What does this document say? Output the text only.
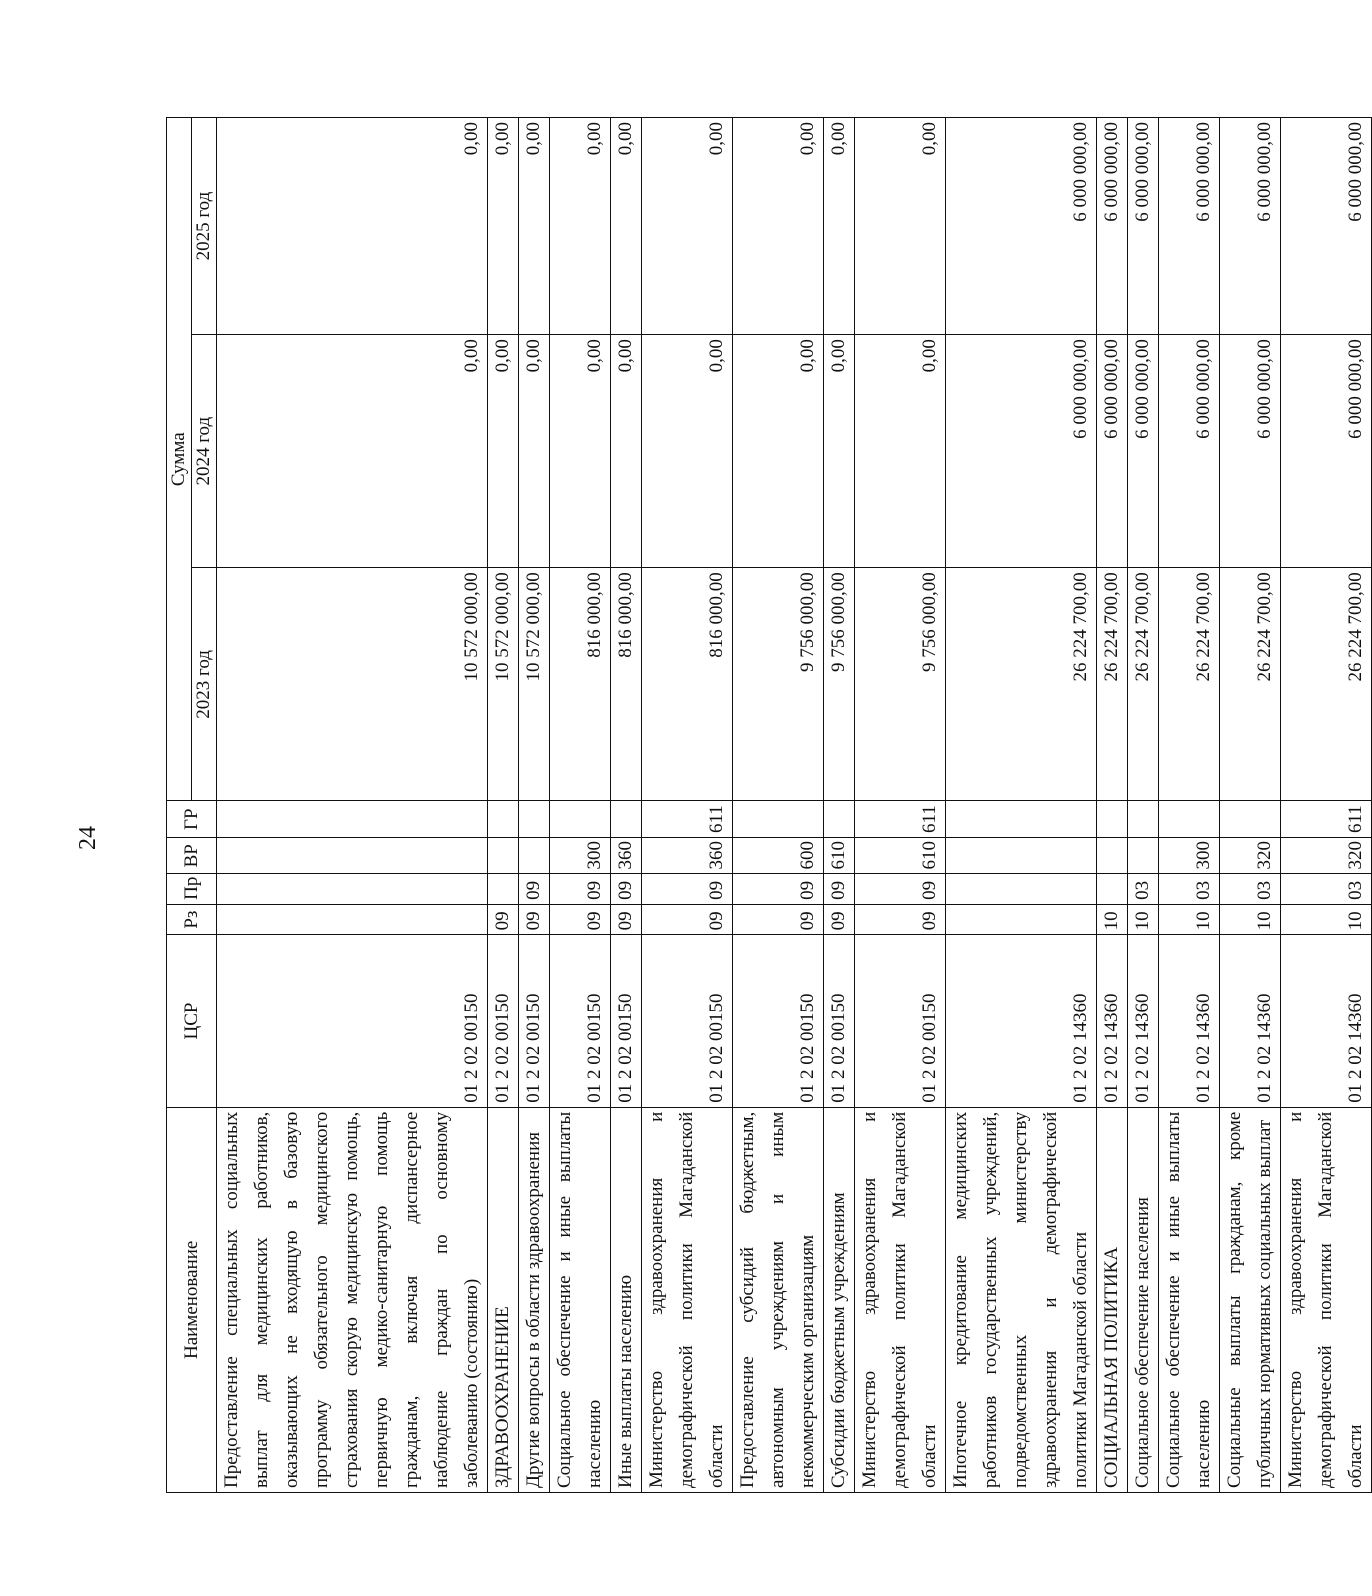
24
Наименование	ЦСР	Рз	Пр	ВР	ГР	Сумма		
						2023 год	2024 год	2025 год
Предоставление специальных социальных выплат для медицинских работников, оказывающих не входящую в базовую программу обязательного медицинского страхования скорую медицинскую помощь, первичную медико-санитарную помощь гражданам, включая диспансерное наблюдение граждан по основному заболеванию (состоянию)	01 2 02 00150					10 572 000,00	0,00	0,00
ЗДРАВООХРАНЕНИЕ	01 2 02 00150	09				10 572 000,00	0,00	0,00
Другие вопросы в области здравоохранения	01 2 02 00150	09	09			10 572 000,00	0,00	0,00
Социальное обеспечение и иные выплаты населению	01 2 02 00150	09	09	300		816 000,00	0,00	0,00
Иные выплаты населению	01 2 02 00150	09	09	360		816 000,00	0,00	0,00
Министерство здравоохранения и демографической политики Магаданской области	01 2 02 00150	09	09	360	611	816 000,00	0,00	0,00
Предоставление субсидий бюджетным, автономным учреждениям и иным некоммерческим организациям	01 2 02 00150	09	09	600		9 756 000,00	0,00	0,00
Субсидии бюджетным учреждениям	01 2 02 00150	09	09	610		9 756 000,00	0,00	0,00
Министерство здравоохранения и демографической политики Магаданской области	01 2 02 00150	09	09	610	611	9 756 000,00	0,00	0,00
Ипотечное кредитование медицинских работников государственных учреждений, подведомственных министерству здравоохранения и демографической политики Магаданской области	01 2 02 14360					26 224 700,00	6 000 000,00	6 000 000,00
СОЦИАЛЬНАЯ ПОЛИТИКА	01 2 02 14360	10				26 224 700,00	6 000 000,00	6 000 000,00
Социальное обеспечение населения	01 2 02 14360	10	03			26 224 700,00	6 000 000,00	6 000 000,00
Социальное обеспечение и иные выплаты населению	01 2 02 14360	10	03	300		26 224 700,00	6 000 000,00	6 000 000,00
Социальные выплаты гражданам, кроме публичных нормативных социальных выплат	01 2 02 14360	10	03	320		26 224 700,00	6 000 000,00	6 000 000,00
Министерство здравоохранения и демографической политики Магаданской области	01 2 02 14360	10	03	320	611	26 224 700,00	6 000 000,00	6 000 000,00
